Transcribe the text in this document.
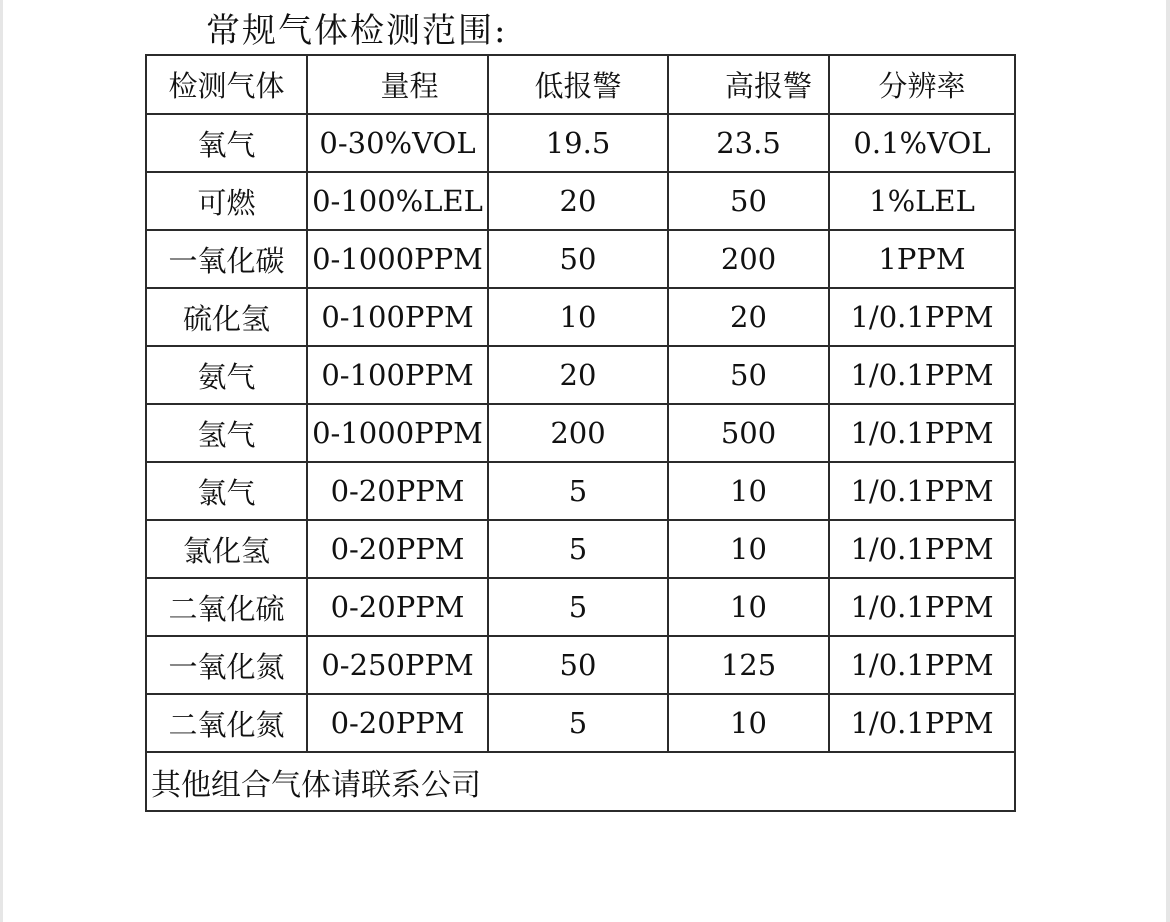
常规气体检测范围:
检测气体	量程	低报警	高报警	分辨率
氧气	0-30%VOL	19.5	23.5	0.1%VOL
可燃	0-100%LEL	20	50	1%LEL
一氧化碳	0-1000PPM	50	200	1PPM
硫化氢	0-100PPM	10	20	1/0.1PPM
氨气	0-100PPM	20	50	1/0.1PPM
氢气	0-1000PPM	200	500	1/0.1PPM
氯气	0-20PPM	5	10	1/0.1PPM
氯化氢	0-20PPM	5	10	1/0.1PPM
二氧化硫	0-20PPM	5	10	1/0.1PPM
一氧化氮	0-250PPM	50	125	1/0.1PPM
二氧化氮	0-20PPM	5	10	1/0.1PPM
其他组合气体请联系公司				
